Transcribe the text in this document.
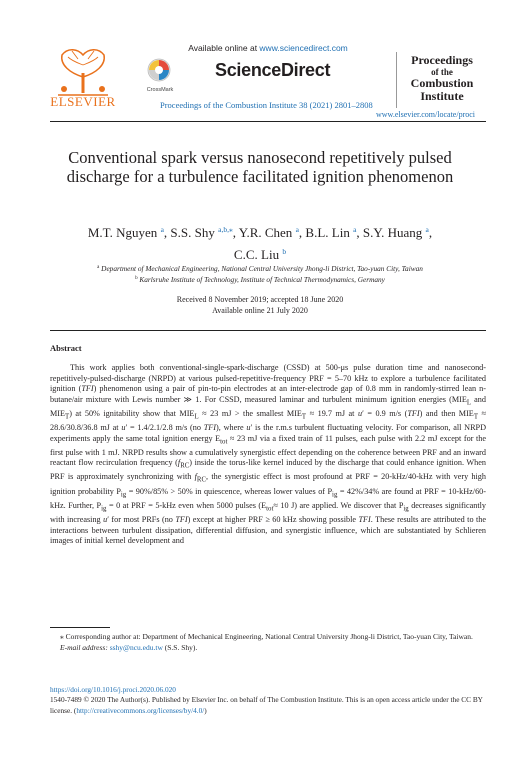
ELSEVIER
Available online at www.sciencedirect.com
CrossMark
ScienceDirect
Proceedings of the Combustion Institute 38 (2021) 2801–2808
Proceedings
of the
Combustion
Institute
www.elsevier.com/locate/proci
Conventional spark versus nanosecond repetitively pulsed discharge for a turbulence facilitated ignition phenomenon
M.T. Nguyen $^a$, S.S. Shy $^{a,b,⁎}$, Y.R. Chen $^a$, B.L. Lin $^a$, S.Y. Huang $^a$,
C.C. Liu $^b$
$^a$ Department of Mechanical Engineering, National Central University Jhong-li District, Tao-yuan City, Taiwan
$^b$ Karlsruhe Institute of Technology, Institute of Technical Thermodynamics, Germany
Received 8 November 2019; accepted 18 June 2020
Available online 21 July 2020
Abstract

This work applies both conventional-single-spark-discharge (CSSD) at 500-μs pulse duration time and nanosecond-repetitively-pulsed-discharge (NRPD) at various pulsed-repetitive-frequency PRF = 5–70 kHz to explore a turbulence facilitated ignition (TFI) phenomenon using a pair of pin-to-pin electrodes at an inter-electrode gap of 0.8 mm in randomly-stirred lean n-butane/air mixture with Lewis number ≫ 1. For CSSD, measured laminar and turbulent minimum ignition energies ($MIE_L$ and $MIE_T$) at 50% ignitability show that $MIE_L \approx 23$ mJ > the smallest $MIE_T \approx 19.7$ mJ at u′ = 0.9 m/s (TFI) and then $MIE_T \approx 28.6/30.8/36.8$ mJ at u′ = 1.4/2.1/2.8 m/s (no TFI), where u′ is the r.m.s turbulent fluctuating velocity. For comparison, all NRPD experiments apply the same total ignition energy $E_{tot} \approx 23$ mJ via a fixed train of 11 pulses, each pulse with 2.2 mJ except for the first pulse with 1 mJ. NRPD results show a cumulatively synergistic effect depending on the coherence between PRF and an inward reactant flow recirculation frequency $(f_{RC})$ inside the torus-like kernel induced by the discharge that could enhance ignition. When PRF is approximately synchronizing with $f_{RC}$, the synergistic effect is most profound at PRF = 20-kHz/40-kHz with very high ignition probability $P_{ig} = 90\%/85\% > 50\%$ in quiescence, whereas lower values of $P_{ig} = 42\%/34\%$ are found at PRF = 10-kHz/60-kHz. Further, $P_{ig} = 0$ at PRF = 5-kHz even when 5000 pulses ($E_{tot}\approx 10$ J) are applied. We discover that $P_{ig}$ decreases significantly with increasing u′ for most PRFs (no TFI) except at higher PRF ≥ 60 kHz showing possible TFI. These results are attributed to the interactions between turbulent dissipation, differential diffusion, and synergistic influence, which are substantiated by Schlieren images of initial kernel development and

⁎ Corresponding author at: Department of Mechanical Engineering, National Central University Jhong-li District, Tao-yuan City, Taiwan.
E-mail address: sshy@ncu.edu.tw (S.S. Shy).
https://doi.org/10.1016/j.proci.2020.06.020
1540-7489 © 2020 The Author(s). Published by Elsevier Inc. on behalf of The Combustion Institute. This is an open access article under the CC BY license. (http://creativecommons.org/licenses/by/4.0/)
